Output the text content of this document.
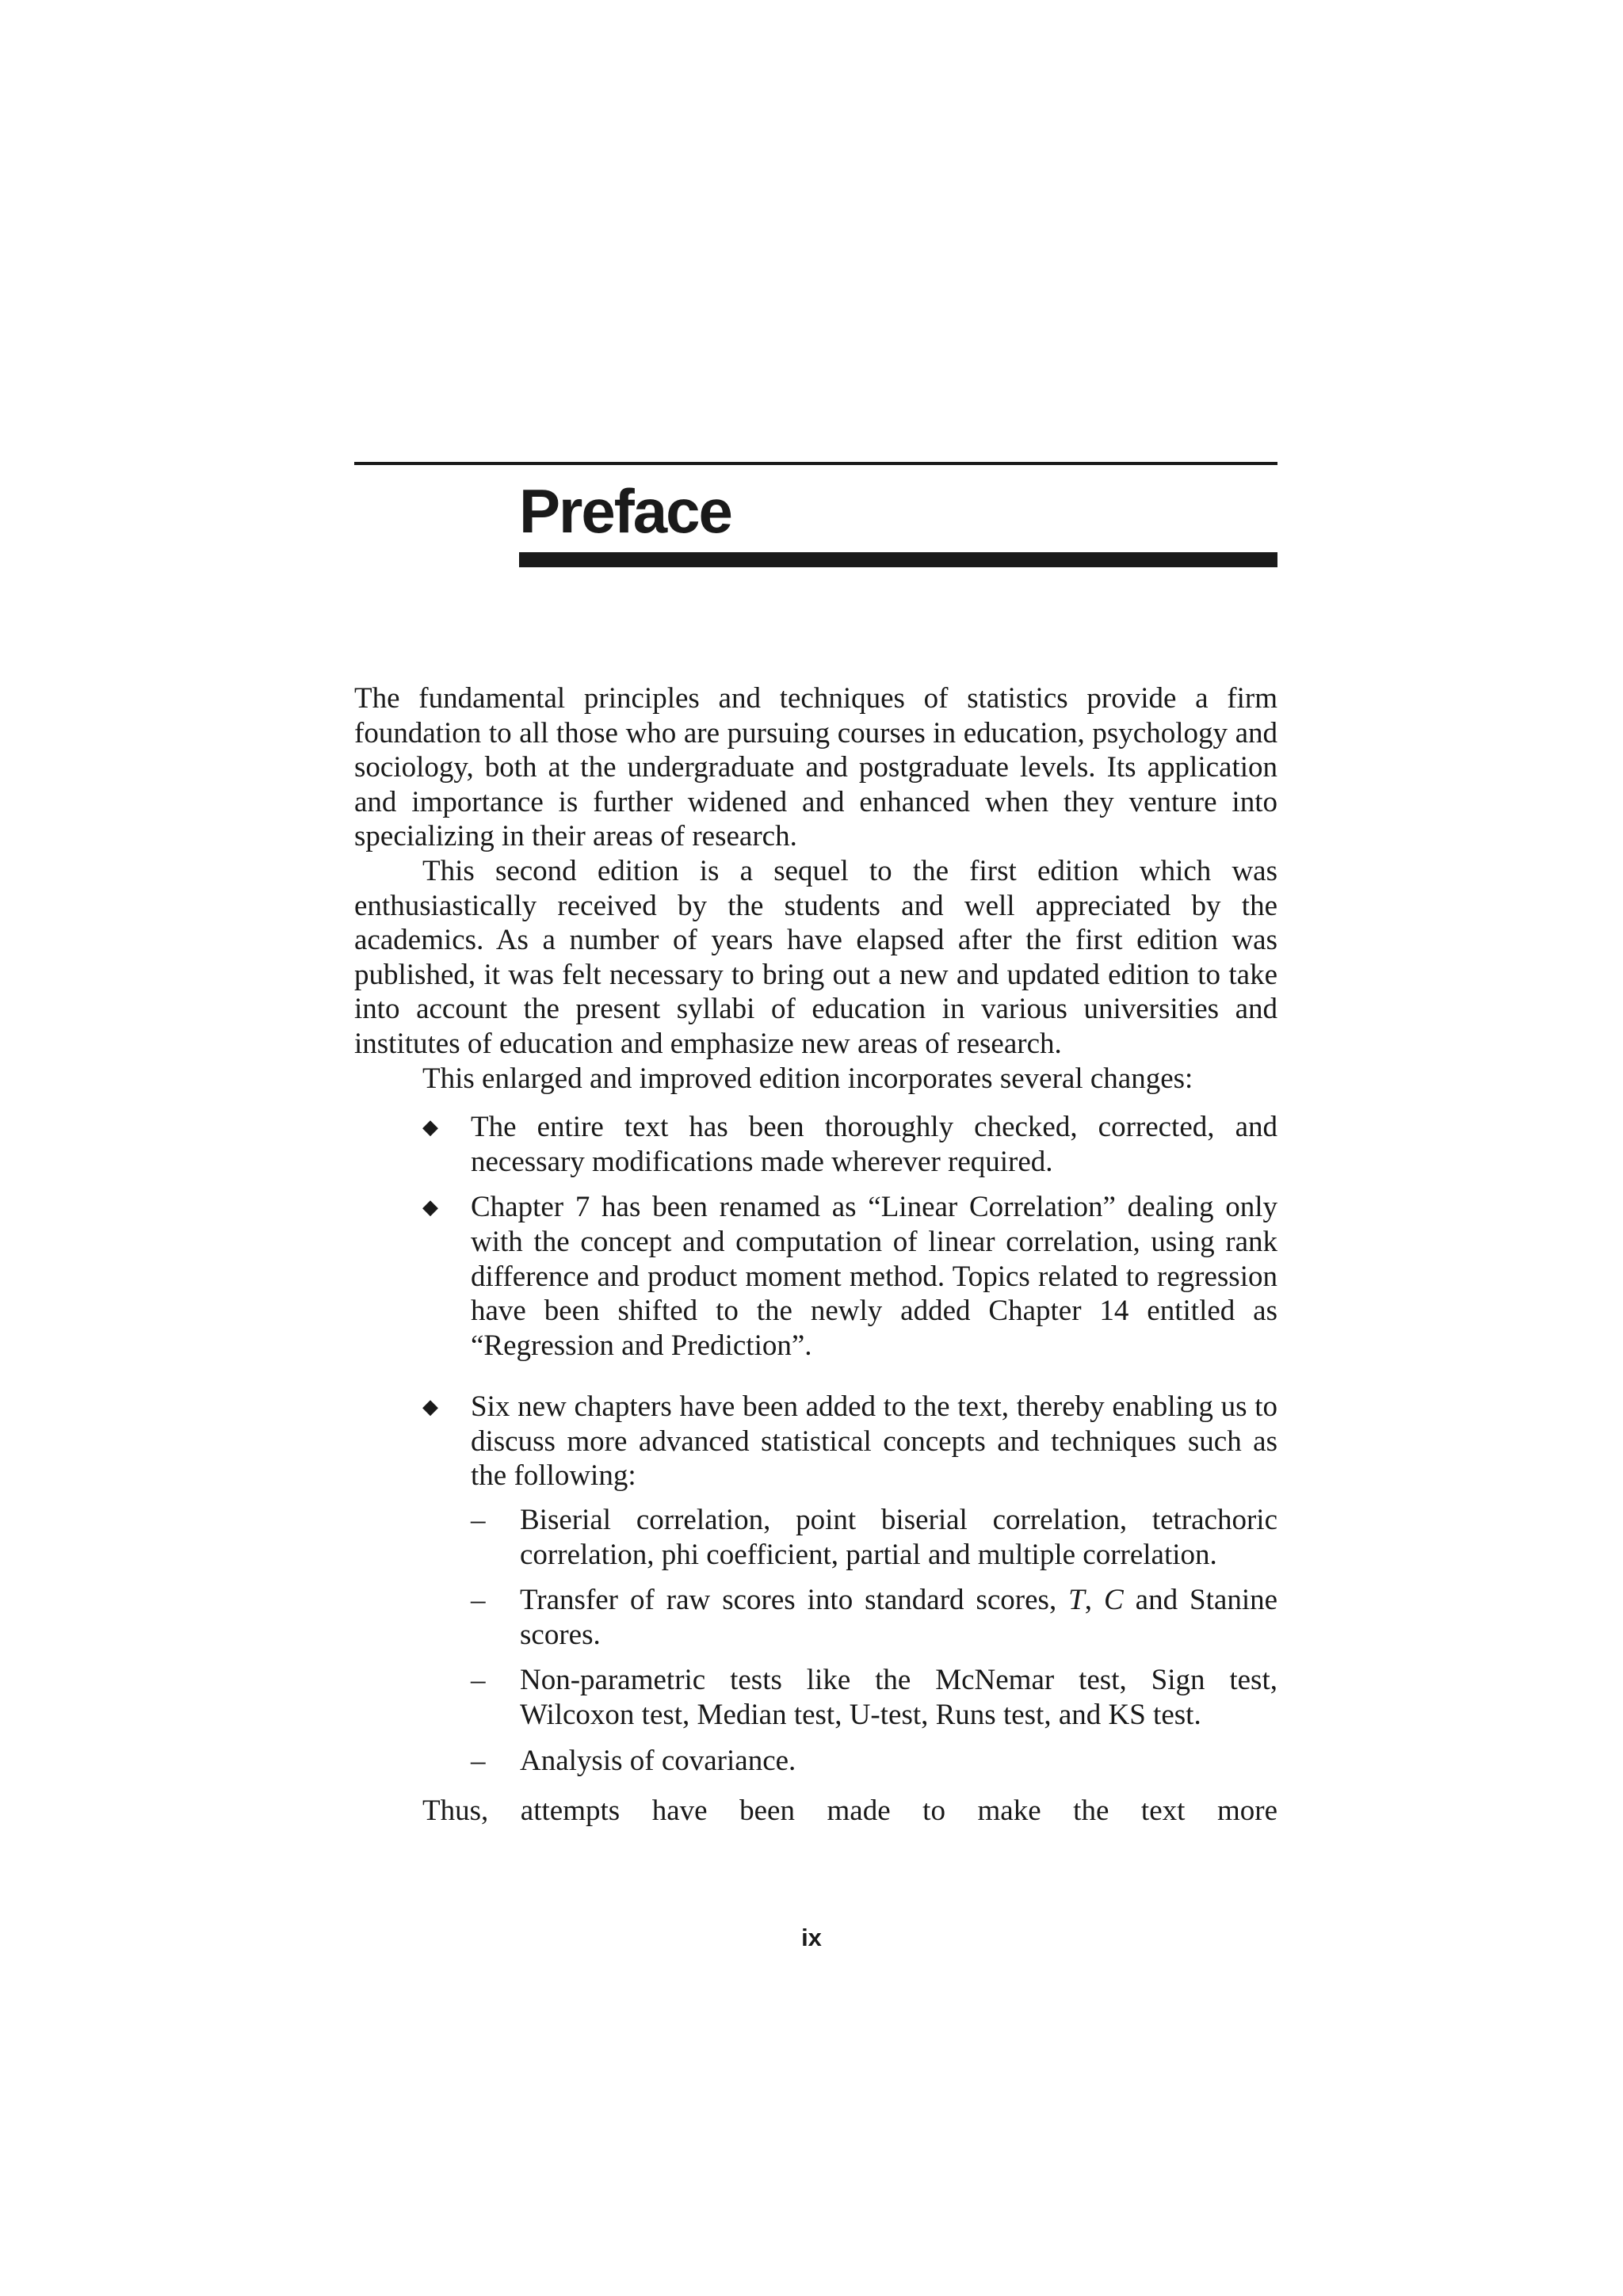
Preface

The fundamental principles and techniques of statistics provide a firm foundation to all those who are pursuing courses in education, psychology and sociology, both at the undergraduate and postgraduate levels. Its application and importance is further widened and enhanced when they venture into specializing in their areas of research.

This second edition is a sequel to the first edition which was enthusiastically received by the students and well appreciated by the academics. As a number of years have elapsed after the first edition was published, it was felt necessary to bring out a new and updated edition to take into account the present syllabi of education in various universities and institutes of education and emphasize new areas of research.

This enlarged and improved edition incorporates several changes:

◆	The entire text has been thoroughly checked, corrected, and necessary modifications made wherever required.
◆	Chapter 7 has been renamed as “Linear Correlation” dealing only with the concept and computation of linear correlation, using rank difference and product moment method. Topics related to regression have been shifted to the newly added Chapter 14 entitled as “Regression and Prediction”.
◆	Six new chapters have been added to the text, thereby enabling us to discuss more advanced statistical concepts and techniques such as the following:
– Biserial correlation, point biserial correlation, tetrachoric correlation, phi coefficient, partial and multiple correlation.
– Transfer of raw scores into standard scores, T, C and Stanine scores.
– Non-parametric tests like the McNemar test, Sign test, Wilcoxon test, Median test, U-test, Runs test, and KS test.
– Analysis of covariance.

Thus, attempts have been made to make the text more

ix
